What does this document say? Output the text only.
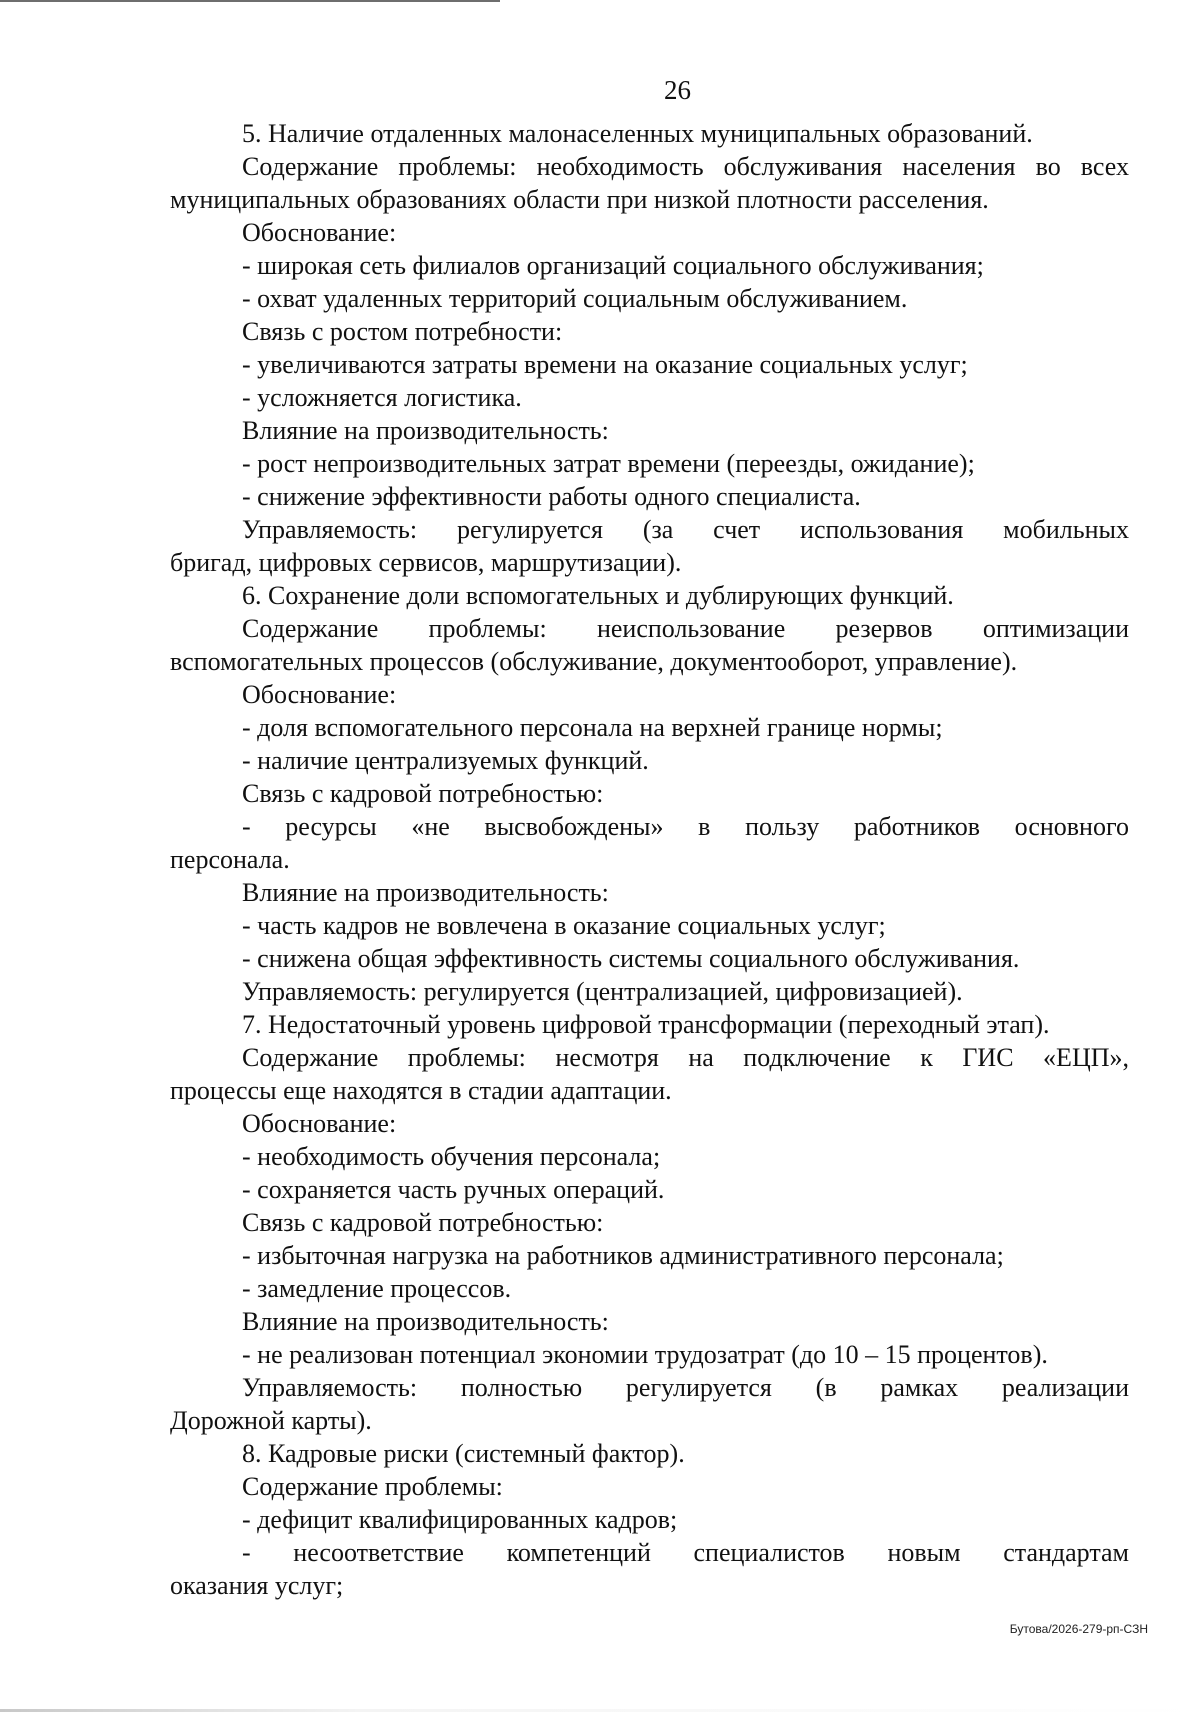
26
5. Наличие отдаленных малонаселенных муниципальных образований.
Содержание проблемы: необходимость обслуживания населения во всех
муниципальных образованиях области при низкой плотности расселения.
Обоснование:
- широкая сеть филиалов организаций социального обслуживания;
- охват удаленных территорий социальным обслуживанием.
Связь с ростом потребности:
- увеличиваются затраты времени на оказание социальных услуг;
- усложняется логистика.
Влияние на производительность:
- рост непроизводительных затрат времени (переезды, ожидание);
- снижение эффективности работы одного специалиста.
Управляемость: регулируется (за счет использования мобильных
бригад, цифровых сервисов, маршрутизации).
6. Сохранение доли вспомогательных и дублирующих функций.
Содержание проблемы: неиспользование резервов оптимизации
вспомогательных процессов (обслуживание, документооборот, управление).
Обоснование:
- доля вспомогательного персонала на верхней границе нормы;
- наличие централизуемых функций.
Связь с кадровой потребностью:
- ресурсы «не высвобождены» в пользу работников основного
персонала.
Влияние на производительность:
- часть кадров не вовлечена в оказание социальных услуг;
- снижена общая эффективность системы социального обслуживания.
Управляемость: регулируется (централизацией, цифровизацией).
7. Недостаточный уровень цифровой трансформации (переходный этап).
Содержание проблемы: несмотря на подключение к ГИС «ЕЦП»,
процессы еще находятся в стадии адаптации.
Обоснование:
- необходимость обучения персонала;
- сохраняется часть ручных операций.
Связь с кадровой потребностью:
- избыточная нагрузка на работников административного персонала;
- замедление процессов.
Влияние на производительность:
- не реализован потенциал экономии трудозатрат (до 10 – 15 процентов).
Управляемость: полностью регулируется (в рамках реализации
Дорожной карты).
8. Кадровые риски (системный фактор).
Содержание проблемы:
- дефицит квалифицированных кадров;
- несоответствие компетенций специалистов новым стандартам
оказания услуг;
Бутова/2026-279-рп-СЗН
